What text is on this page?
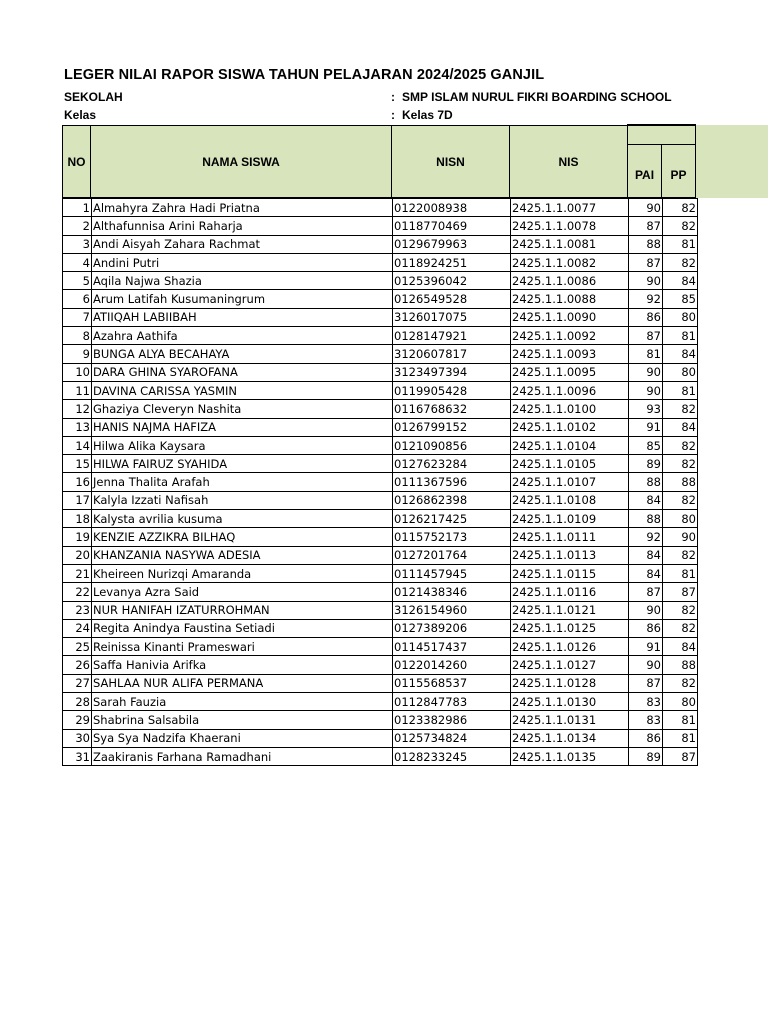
LEGER NILAI RAPOR SISWA TAHUN PELAJARAN 2024/2025 GANJIL
SEKOLAH	: SMP ISLAM NURUL FIKRI BOARDING SCHOOL
Kelas	: Kelas 7D
NO	NAMA SISWA	NISN	NIS
PAI	PP
1	Almahyra Zahra Hadi Priatna	0122008938	2425.1.1.0077	90	82
2	Althafunnisa Arini Raharja	0118770469	2425.1.1.0078	87	82
3	Andi Aisyah Zahara Rachmat	0129679963	2425.1.1.0081	88	81
4	Andini Putri	0118924251	2425.1.1.0082	87	82
5	Aqila Najwa Shazia	0125396042	2425.1.1.0086	90	84
6	Arum Latifah Kusumaningrum	0126549528	2425.1.1.0088	92	85
7	ATIIQAH LABIIBAH	3126017075	2425.1.1.0090	86	80
8	Azahra Aathifa	0128147921	2425.1.1.0092	87	81
9	BUNGA ALYA BECAHAYA	3120607817	2425.1.1.0093	81	84
10	DARA GHINA SYAROFANA	3123497394	2425.1.1.0095	90	80
11	DAVINA CARISSA YASMIN	0119905428	2425.1.1.0096	90	81
12	Ghaziya Cleveryn Nashita	0116768632	2425.1.1.0100	93	82
13	HANIS NAJMA HAFIZA	0126799152	2425.1.1.0102	91	84
14	Hilwa Alika Kaysara	0121090856	2425.1.1.0104	85	82
15	HILWA FAIRUZ SYAHIDA	0127623284	2425.1.1.0105	89	82
16	Jenna Thalita Arafah	0111367596	2425.1.1.0107	88	88
17	Kalyla Izzati Nafisah	0126862398	2425.1.1.0108	84	82
18	Kalysta avrilia kusuma	0126217425	2425.1.1.0109	88	80
19	KENZIE AZZIKRA BILHAQ	0115752173	2425.1.1.0111	92	90
20	KHANZANIA NASYWA ADESIA	0127201764	2425.1.1.0113	84	82
21	Kheireen Nurizqi Amaranda	0111457945	2425.1.1.0115	84	81
22	Levanya Azra Said	0121438346	2425.1.1.0116	87	87
23	NUR HANIFAH IZATURROHMAN	3126154960	2425.1.1.0121	90	82
24	Regita Anindya Faustina Setiadi	0127389206	2425.1.1.0125	86	82
25	Reinissa Kinanti Prameswari	0114517437	2425.1.1.0126	91	84
26	Saffa Hanivia Arifka	0122014260	2425.1.1.0127	90	88
27	SAHLAA NUR ALIFA PERMANA	0115568537	2425.1.1.0128	87	82
28	Sarah Fauzia	0112847783	2425.1.1.0130	83	80
29	Shabrina Salsabila	0123382986	2425.1.1.0131	83	81
30	Sya Sya Nadzifa Khaerani	0125734824	2425.1.1.0134	86	81
31	Zaakiranis Farhana Ramadhani	0128233245	2425.1.1.0135	89	87
